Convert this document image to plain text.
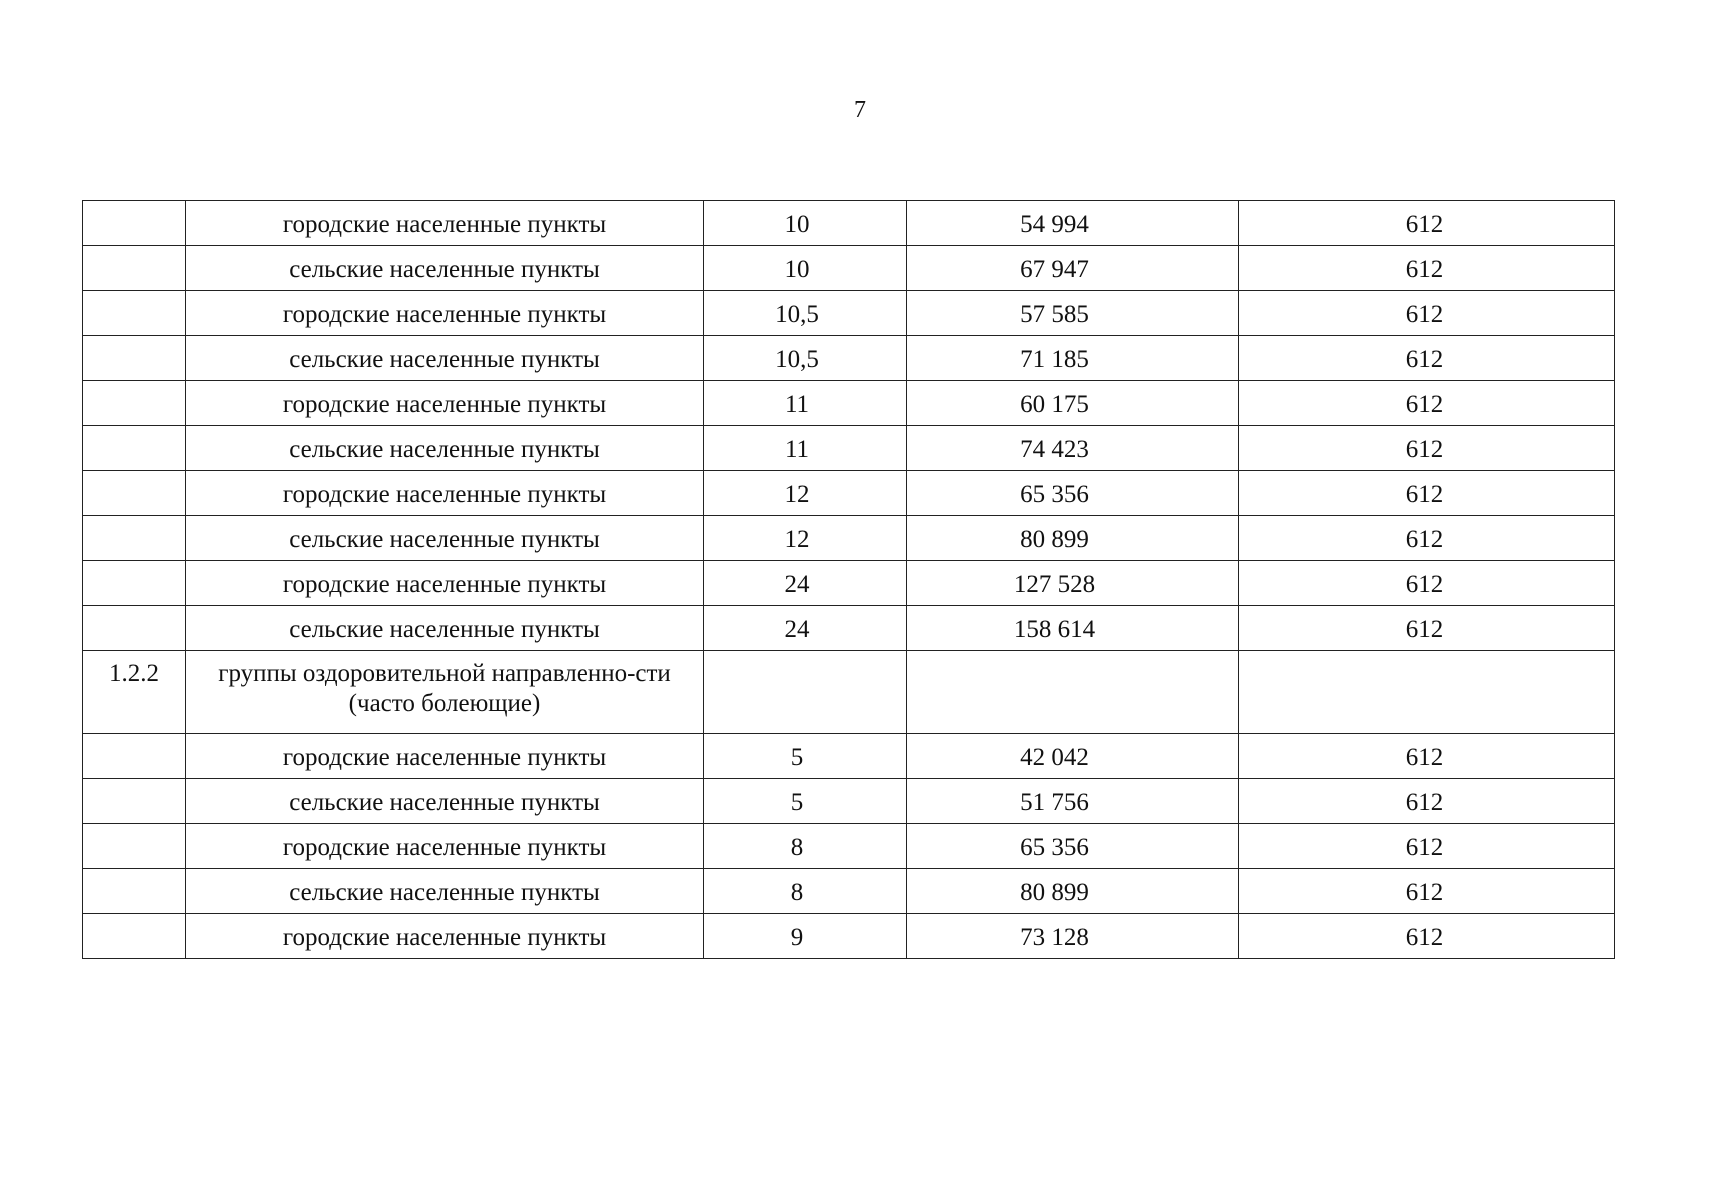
7
	городские населенные пункты	10	54 994	612
	сельские населенные пункты	10	67 947	612
	городские населенные пункты	10,5	57 585	612
	сельские населенные пункты	10,5	71 185	612
	городские населенные пункты	11	60 175	612
	сельские населенные пункты	11	74 423	612
	городские населенные пункты	12	65 356	612
	сельские населенные пункты	12	80 899	612
	городские населенные пункты	24	127 528	612
	сельские населенные пункты	24	158 614	612
1.2.2	группы оздоровительной направленно-сти (часто болеющие)			
	городские населенные пункты	5	42 042	612
	сельские населенные пункты	5	51 756	612
	городские населенные пункты	8	65 356	612
	сельские населенные пункты	8	80 899	612
	городские населенные пункты	9	73 128	612
